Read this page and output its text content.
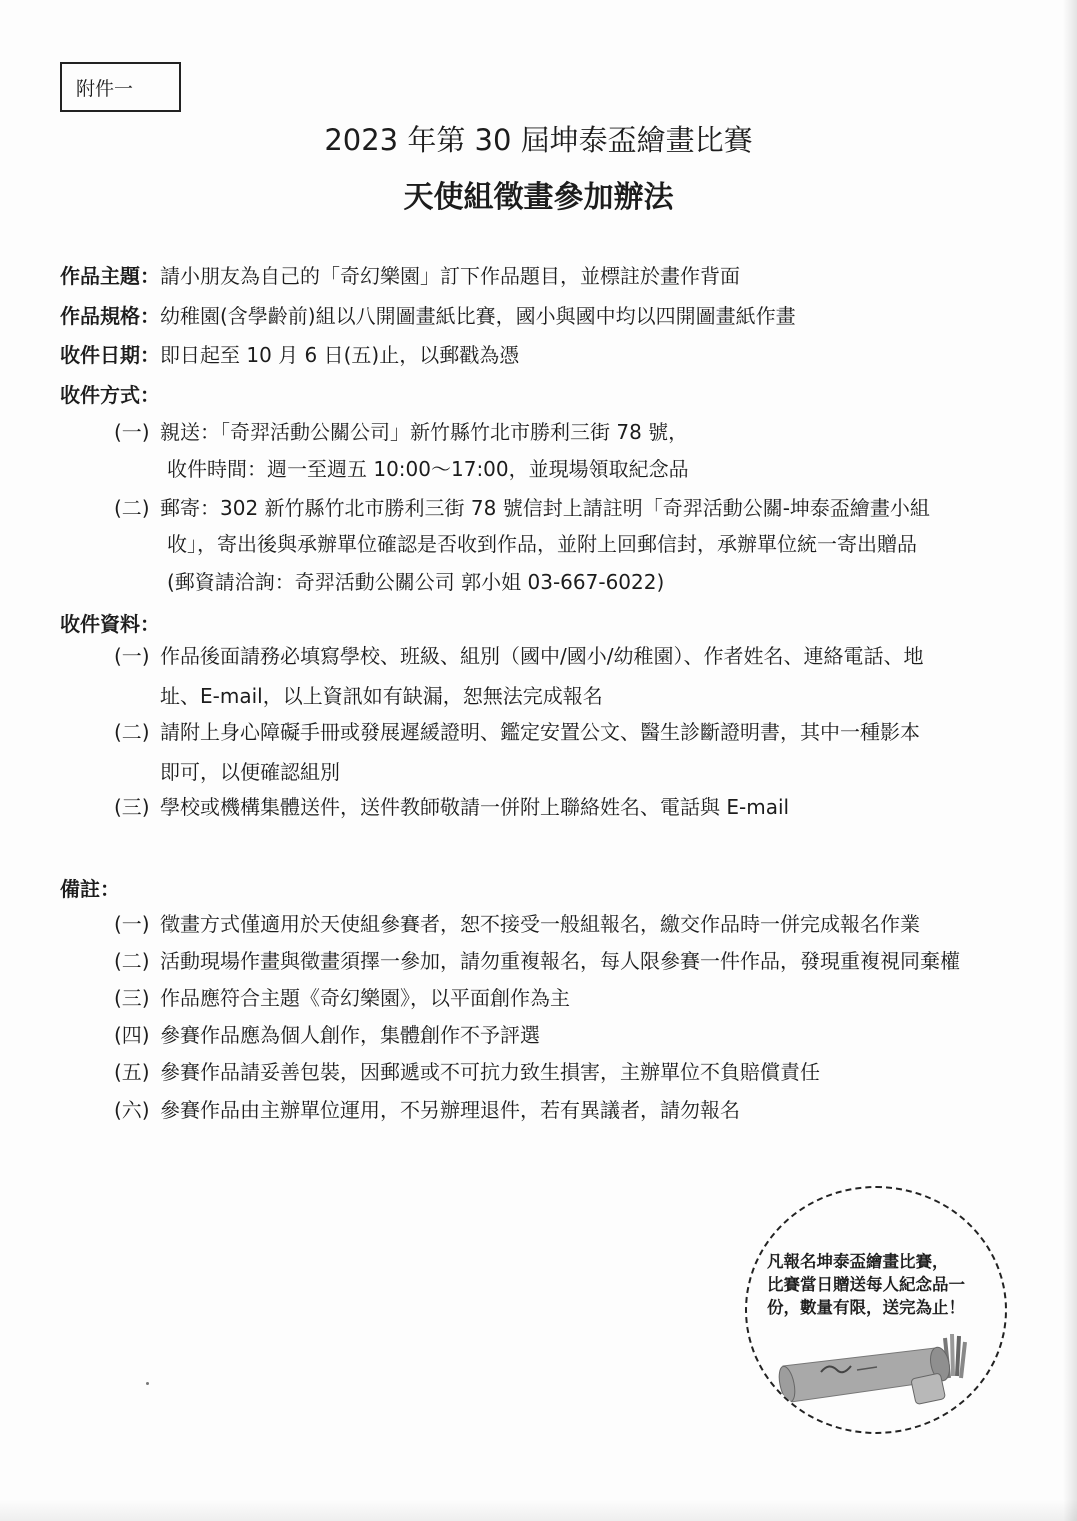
附件一
2023 年第 30 屆坤泰盃繪畫比賽
天使組徵畫參加辦法
作品主題：請小朋友為自己的「奇幻樂園」訂下作品題目，並標註於畫作背面
作品規格：幼稚園(含學齡前)組以八開圖畫紙比賽，國小與國中均以四開圖畫紙作畫
收件日期：即日起至 10 月 6 日(五)止，以郵戳為憑
收件方式：
(一) 親送：「奇羿活動公關公司」新竹縣竹北市勝利三街 78 號，
收件時間：週一至週五 10:00～17:00，並現場領取紀念品
(二) 郵寄：302 新竹縣竹北市勝利三街 78 號信封上請註明「奇羿活動公關-坤泰盃繪畫小組
收」，寄出後與承辦單位確認是否收到作品，並附上回郵信封，承辦單位統一寄出贈品
(郵資請洽詢：奇羿活動公關公司 郭小姐 03-667-6022)
收件資料：
(一) 作品後面請務必填寫學校、班級、組別（國中/國小/幼稚園）、作者姓名、連絡電話、地
址、E-mail，以上資訊如有缺漏，恕無法完成報名
(二) 請附上身心障礙手冊或發展遲緩證明、鑑定安置公文、醫生診斷證明書，其中一種影本
即可，以便確認組別
(三) 學校或機構集體送件，送件教師敬請一併附上聯絡姓名、電話與 E-mail
備註：
(一) 徵畫方式僅適用於天使組參賽者，恕不接受一般組報名，繳交作品時一併完成報名作業
(二) 活動現場作畫與徵畫須擇一參加，請勿重複報名，每人限參賽一件作品，發現重複視同棄權
(三) 作品應符合主題《奇幻樂園》，以平面創作為主
(四) 參賽作品應為個人創作，集體創作不予評選
(五) 參賽作品請妥善包裝，因郵遞或不可抗力致生損害，主辦單位不負賠償責任
(六) 參賽作品由主辦單位運用，不另辦理退件，若有異議者，請勿報名
凡報名坤泰盃繪畫比賽，
比賽當日贈送每人紀念品一
份，數量有限，送完為止！
